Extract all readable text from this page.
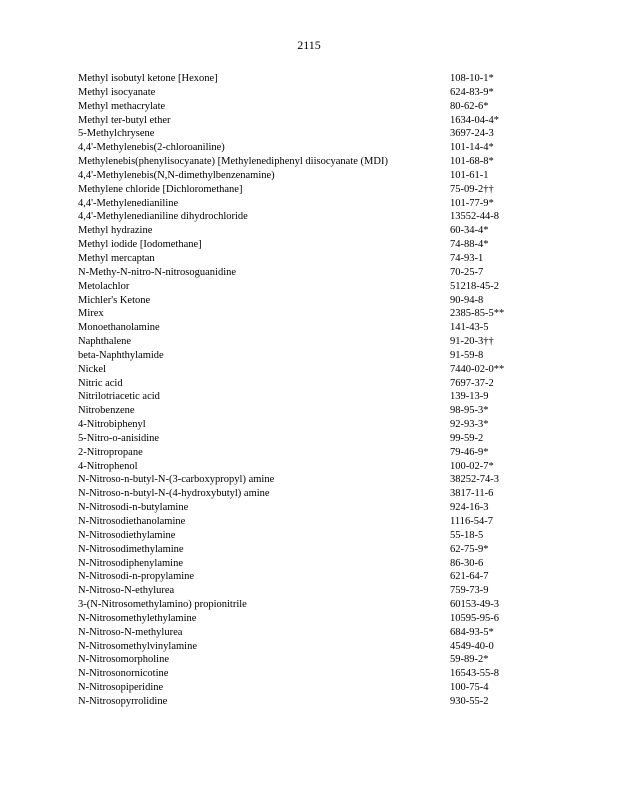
2115
Methyl isobutyl ketone [Hexone]	108-10-1*
Methyl isocyanate	624-83-9*
Methyl methacrylate	80-62-6*
Methyl ter-butyl ether	1634-04-4*
5-Methylchrysene	3697-24-3
4,4'-Methylenebis(2-chloroaniline)	101-14-4*
Methylenebis(phenylisocyanate) [Methylenediphenyl diisocyanate (MDI)	101-68-8*
4,4'-Methylenebis(N,N-dimethylbenzenamine)	101-61-1
Methylene chloride [Dichloromethane]	75-09-2††
4,4'-Methylenedianiline	101-77-9*
4,4'-Methylenedianiline dihydrochloride	13552-44-8
Methyl hydrazine	60-34-4*
Methyl iodide [Iodomethane]	74-88-4*
Methyl mercaptan	74-93-1
N-Methy-N-nitro-N-nitrosoguanidine	70-25-7
Metolachlor	51218-45-2
Michler's Ketone	90-94-8
Mirex	2385-85-5**
Monoethanolamine	141-43-5
Naphthalene	91-20-3††
beta-Naphthylamide	91-59-8
Nickel	7440-02-0**
Nitric acid	7697-37-2
Nitrilotriacetic acid	139-13-9
Nitrobenzene	98-95-3*
4-Nitrobiphenyl	92-93-3*
5-Nitro-o-anisidine	99-59-2
2-Nitropropane	79-46-9*
4-Nitrophenol	100-02-7*
N-Nitroso-n-butyl-N-(3-carboxypropyl) amine	38252-74-3
N-Nitroso-n-butyl-N-(4-hydroxybutyl) amine	3817-11-6
N-Nitrosodi-n-butylamine	924-16-3
N-Nitrosodiethanolamine	1116-54-7
N-Nitrosodiethylamine	55-18-5
N-Nitrosodimethylamine	62-75-9*
N-Nitrosodiphenylamine	86-30-6
N-Nitrosodi-n-propylamine	621-64-7
N-Nitroso-N-ethylurea	759-73-9
3-(N-Nitrosomethylamino) propionitrile	60153-49-3
N-Nitrosomethylethylamine	10595-95-6
N-Nitroso-N-methylurea	684-93-5*
N-Nitrosomethylvinylamine	4549-40-0
N-Nitrosomorpholine	59-89-2*
N-Nitrosonornicotine	16543-55-8
N-Nitrosopiperidine	100-75-4
N-Nitrosopyrrolidine	930-55-2
